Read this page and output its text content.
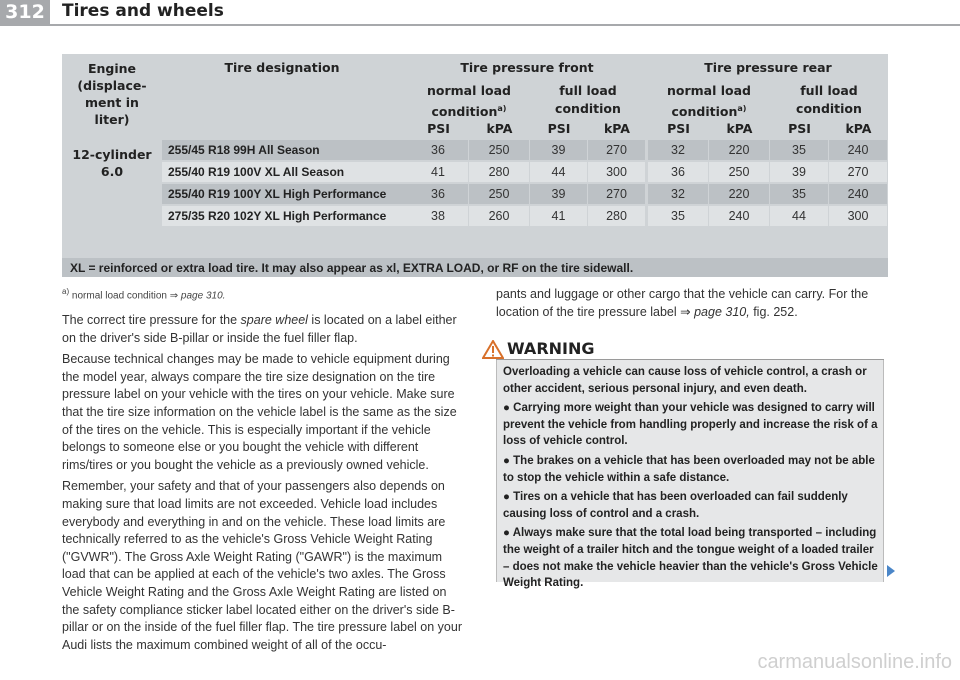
312	Tires and wheels
Engine
(displace-
ment in
liter)
Tire designation	Tire pressure front	Tire pressure rear
normal load
condition$^{a)}$
full load
condition
normal load
condition$^{a)}$
full load
condition
PSI	kPA	PSI	kPA	PSI	kPA	PSI	kPA
12-cylinder
6.0
255/45 R18 99H All Season	36	250	39	270	32	220	35	240
255/40 R19 100V XL All Season	41	280	44	300	36	250	39	270
255/40 R19 100Y XL High Performance	36	250	39	270	32	220	35	240
275/35 R20 102Y XL High Performance	38	260	41	280	35	240	44	300
XL = reinforced or extra load tire. It may also appear as xl, EXTRA LOAD, or RF on the tire sidewall.
$^{a)}$ normal load condition ⇒ page 310.

The correct tire pressure for the spare wheel is located on a label either on the driver's side B-pillar or inside the fuel filler flap.

Because technical changes may be made to vehicle equipment during the model year, always compare the tire size designation on the tire pressure label on your vehicle with the tires on your vehicle. Make sure that the tire size information on the vehicle label is the same as the size of the tires on the vehicle. This is especially important if the vehicle belongs to someone else or you bought the vehicle with different rims/tires or you bought the vehicle as a previously owned vehicle.

Remember, your safety and that of your passengers also depends on making sure that load limits are not exceeded. Vehicle load includes everybody and everything in and on the vehicle. These load limits are technically referred to as the vehicle's Gross Vehicle Weight Rating ("GVWR"). The Gross Axle Weight Rating ("GAWR") is the maximum load that can be applied at each of the vehicle's two axles. The Gross Vehicle Weight Rating and the Gross Axle Weight Rating are listed on the safety compliance sticker label located either on the driver's side B-pillar or on the inside of the fuel filler flap. The tire pressure label on your Audi lists the maximum combined weight of all of the occu-

pants and luggage or other cargo that the vehicle can carry. For the location of the tire pressure label ⇒ page 310, fig. 252.

WARNING

Overloading a vehicle can cause loss of vehicle control, a crash or other accident, serious personal injury, and even death.

● Carrying more weight than your vehicle was designed to carry will prevent the vehicle from handling properly and increase the risk of a loss of vehicle control.

● The brakes on a vehicle that has been overloaded may not be able to stop the vehicle within a safe distance.

● Tires on a vehicle that has been overloaded can fail suddenly causing loss of control and a crash.

● Always make sure that the total load being transported – including the weight of a trailer hitch and the tongue weight of a loaded trailer – does not make the vehicle heavier than the vehicle's Gross Vehicle Weight Rating.

carmanualsonline.info
